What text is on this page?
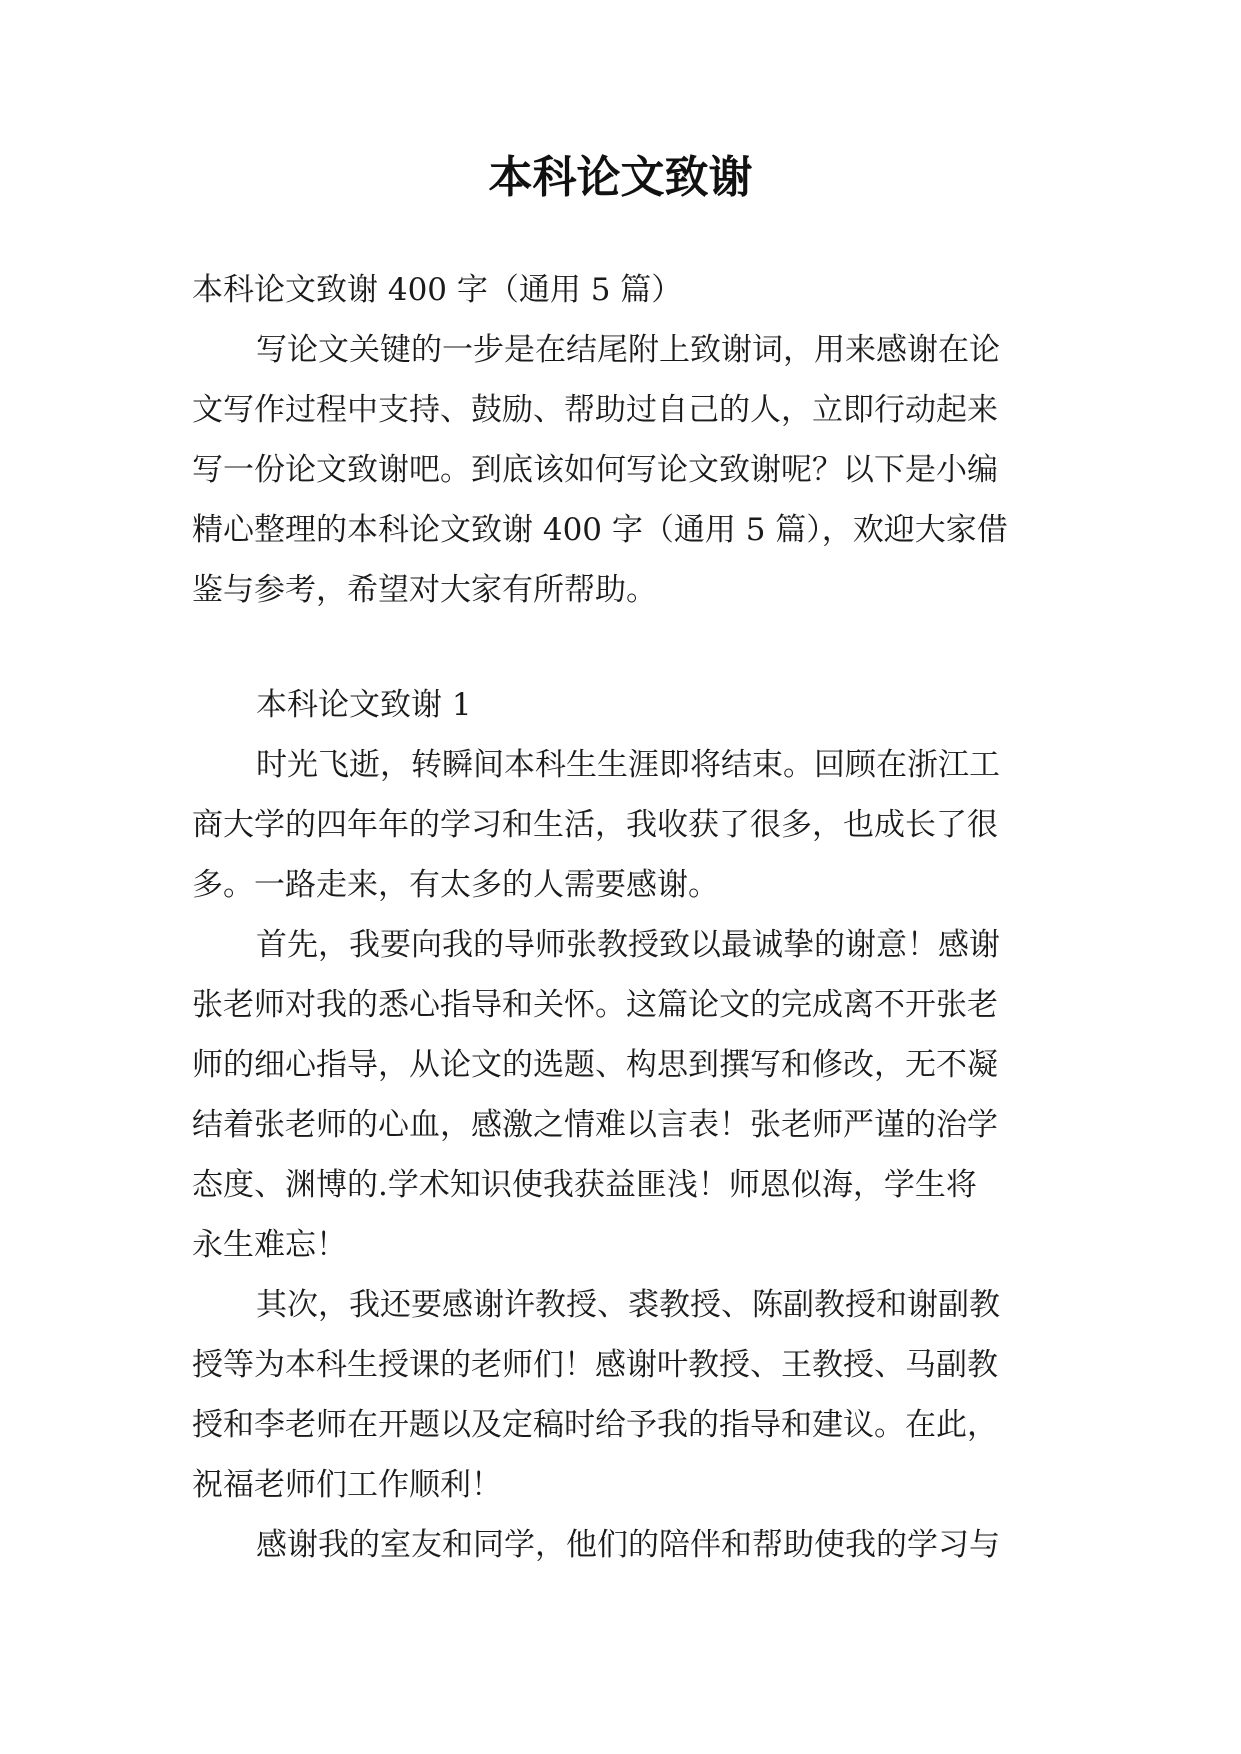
本科论文致谢
本科论文致谢 400 字（通用 5 篇）
写论文关键的一步是在结尾附上致谢词，用来感谢在论
文写作过程中支持、鼓励、帮助过自己的人，立即行动起来
写一份论文致谢吧。到底该如何写论文致谢呢？以下是小编
精心整理的本科论文致谢 400 字（通用 5 篇），欢迎大家借
鉴与参考，希望对大家有所帮助。
本科论文致谢 1
时光飞逝，转瞬间本科生生涯即将结束。回顾在浙江工
商大学的四年年的学习和生活，我收获了很多，也成长了很
多。一路走来，有太多的人需要感谢。
首先，我要向我的导师张教授致以最诚挚的谢意！感谢
张老师对我的悉心指导和关怀。这篇论文的完成离不开张老
师的细心指导，从论文的选题、构思到撰写和修改，无不凝
结着张老师的心血，感激之情难以言表！张老师严谨的治学
态度、渊博的.学术知识使我获益匪浅！师恩似海，学生将
永生难忘！
其次，我还要感谢许教授、裘教授、陈副教授和谢副教
授等为本科生授课的老师们！感谢叶教授、王教授、马副教
授和李老师在开题以及定稿时给予我的指导和建议。在此，
祝福老师们工作顺利！
感谢我的室友和同学，他们的陪伴和帮助使我的学习与
